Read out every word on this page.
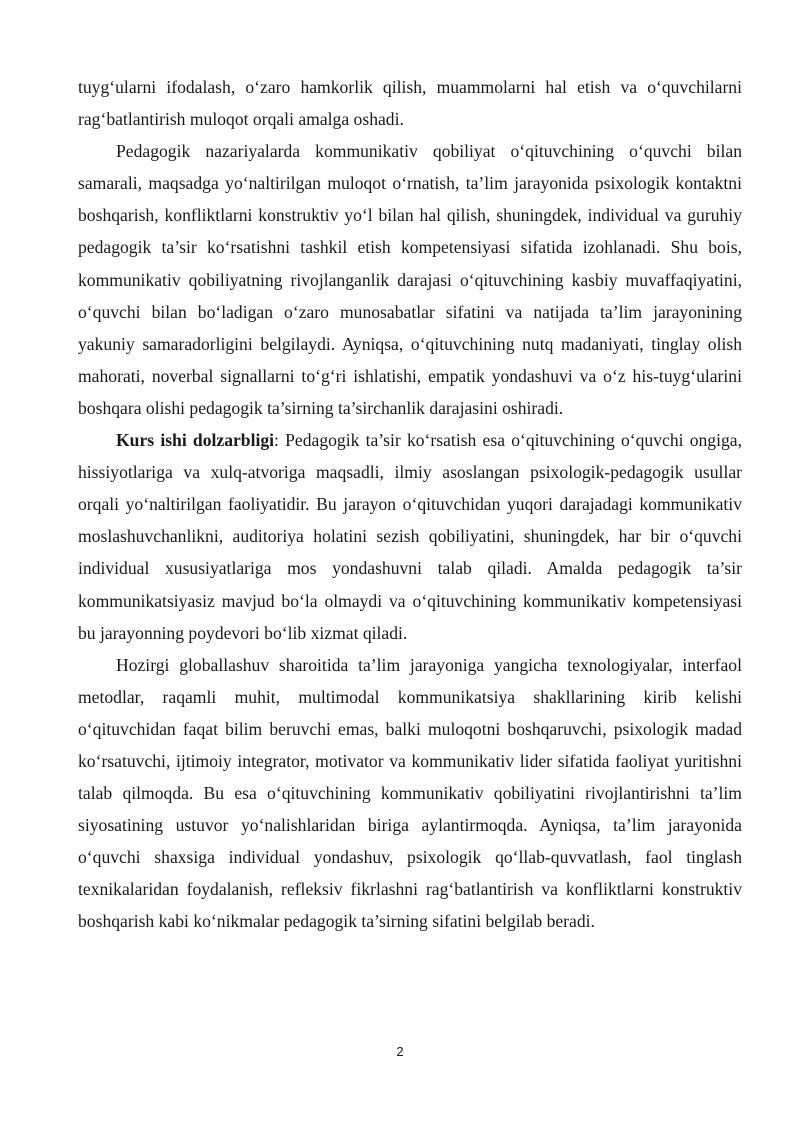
tuyg‘ularni ifodalash, o‘zaro hamkorlik qilish, muammolarni hal etish va o‘quvchilarni rag‘batlantirish muloqot orqali amalga oshadi.

Pedagogik nazariyalarda kommunikativ qobiliyat o‘qituvchining o‘quvchi bilan samarali, maqsadga yo‘naltirilgan muloqot o‘rnatish, ta’lim jarayonida psixologik kontaktni boshqarish, konfliktlarni konstruktiv yo‘l bilan hal qilish, shuningdek, individual va guruhiy pedagogik ta’sir ko‘rsatishni tashkil etish kompetensiyasi sifatida izohlanadi. Shu bois, kommunikativ qobiliyatning rivojlanganlik darajasi o‘qituvchining kasbiy muvaffaqiyatini, o‘quvchi bilan bo‘ladigan o‘zaro munosabatlar sifatini va natijada ta’lim jarayonining yakuniy samaradorligini belgilaydi. Ayniqsa, o‘qituvchining nutq madaniyati, tinglay olish mahorati, noverbal signallarni to‘g‘ri ishlatishi, empatik yondashuvi va o‘z his-tuyg‘ularini boshqara olishi pedagogik ta’sirning ta’sirchanlik darajasini oshiradi.

Kurs ishi dolzarbligi: Pedagogik ta’sir ko‘rsatish esa o‘qituvchining o‘quvchi ongiga, hissiyotlariga va xulq-atvoriga maqsadli, ilmiy asoslangan psixologik-pedagogik usullar orqali yo‘naltirilgan faoliyatidir. Bu jarayon o‘qituvchidan yuqori darajadagi kommunikativ moslashuvchanlikni, auditoriya holatini sezish qobiliyatini, shuningdek, har bir o‘quvchi individual xususiyatlariga mos yondashuvni talab qiladi. Amalda pedagogik ta’sir kommunikatsiyasiz mavjud bo‘la olmaydi va o‘qituvchining kommunikativ kompetensiyasi bu jarayonning poydevori bo‘lib xizmat qiladi.

Hozirgi globallashuv sharoitida ta’lim jarayoniga yangicha texnologiyalar, interfaol metodlar, raqamli muhit, multimodal kommunikatsiya shakllarining kirib kelishi o‘qituvchidan faqat bilim beruvchi emas, balki muloqotni boshqaruvchi, psixologik madad ko‘rsatuvchi, ijtimoiy integrator, motivator va kommunikativ lider sifatida faoliyat yuritishni talab qilmoqda. Bu esa o‘qituvchining kommunikativ qobiliyatini rivojlantirishni ta’lim siyosatining ustuvor yo‘nalishlaridan biriga aylantirmoqda. Ayniqsa, ta’lim jarayonida o‘quvchi shaxsiga individual yondashuv, psixologik qo‘llab-quvvatlash, faol tinglash texnikalaridan foydalanish, refleksiv fikrlashni rag‘batlantirish va konfliktlarni konstruktiv boshqarish kabi ko‘nikmalar pedagogik ta’sirning sifatini belgilab beradi.

2
